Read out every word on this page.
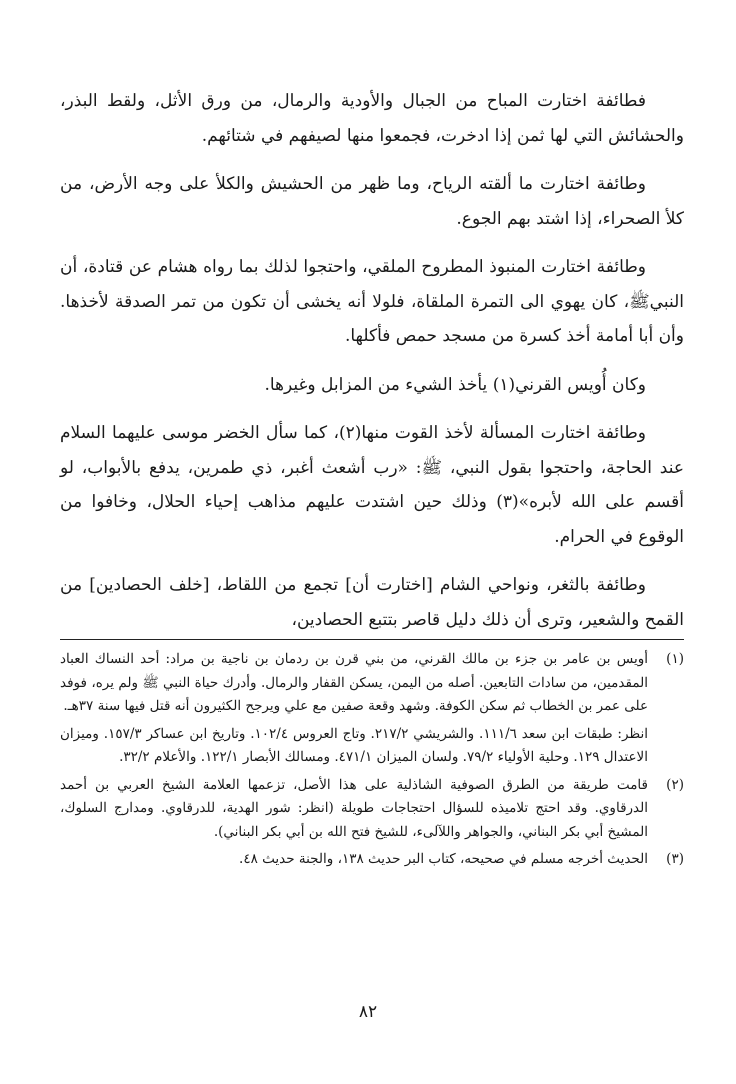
فطائفة اختارت المباح من الجبال والأودية والرمال، من ورق الأثل، ولقط البذر، والحشائش التي لها ثمن إذا ادخرت، فجمعوا منها لصيفهم في شتائهم.

وطائفة اختارت ما ألقته الرياح، وما ظهر من الحشيش والكلأ على وجه الأرض، من كلأ الصحراء، إذا اشتد بهم الجوع.

وطائفة اختارت المنبوذ المطروح الملقي، واحتجوا لذلك بما رواه هشام عن قتادة، أن النبيﷺ، كان يهوي الى التمرة الملقاة، فلولا أنه يخشى أن تكون من تمر الصدقة لأخذها. وأن أبا أمامة أخذ كسرة من مسجد حمص فأكلها.

وكان أُويس القرني(١) يأخذ الشيء من المزابل وغيرها.

وطائفة اختارت المسألة لأخذ القوت منها(٢)، كما سأل الخضر موسى عليهما السلام عند الحاجة، واحتجوا بقول النبي، ﷺ: «رب أشعث أغبر، ذي طمرين، يدفع بالأبواب، لو أقسم على الله لأبره»(٣) وذلك حين اشتدت عليهم مذاهب إحياء الحلال، وخافوا من الوقوع في الحرام.

وطائفة بالثغر، ونواحي الشام [اختارت أن] تجمع من اللقاط، [خلف الحصادين] من القمح والشعير، وترى أن ذلك دليل قاصر بتتبع الحصادين،

(١)أويس بن عامر بن جزء بن مالك القرني، من بني قرن بن ردمان بن ناجية بن مراد: أحد النساك العباد المقدمين، من سادات التابعين. أصله من اليمن، يسكن القفار والرمال. وأدرك حياة النبي ﷺ ولم يره، فوفد على عمر بن الخطاب ثم سكن الكوفة. وشهد وقعة صفين مع علي ويرجح الكثيرون أنه قتل فيها سنة ٣٧هـ.

انظر: طبقات ابن سعد ١١١/٦. والشريشي ٢١٧/٢. وتاج العروس ١٠٢/٤. وتاريخ ابن عساكر ١٥٧/٣. وميزان الاعتدال ١٢٩. وحلية الأولياء ٧٩/٢. ولسان الميزان ٤٧١/١. ومسالك الأبصار ١٢٢/١. والأعلام ٣٢/٢.

(٢)قامت طريقة من الطرق الصوفية الشاذلية على هذا الأصل، تزعمها العلامة الشيخ العربي بن أحمد الدرقاوي. وقد احتج تلاميذه للسؤال احتجاجات طويلة (انظر: شور الهدية، للدرقاوي. ومدارج السلوك، المشيخ أبي بكر البناني، والجواهر واللآلىء، للشيخ فتح الله بن أبي بكر البناني).

(٣)الحديث أخرجه مسلم في صحيحه، كتاب البر حديث ١٣٨، والجنة حديث ٤٨.

٨٢
